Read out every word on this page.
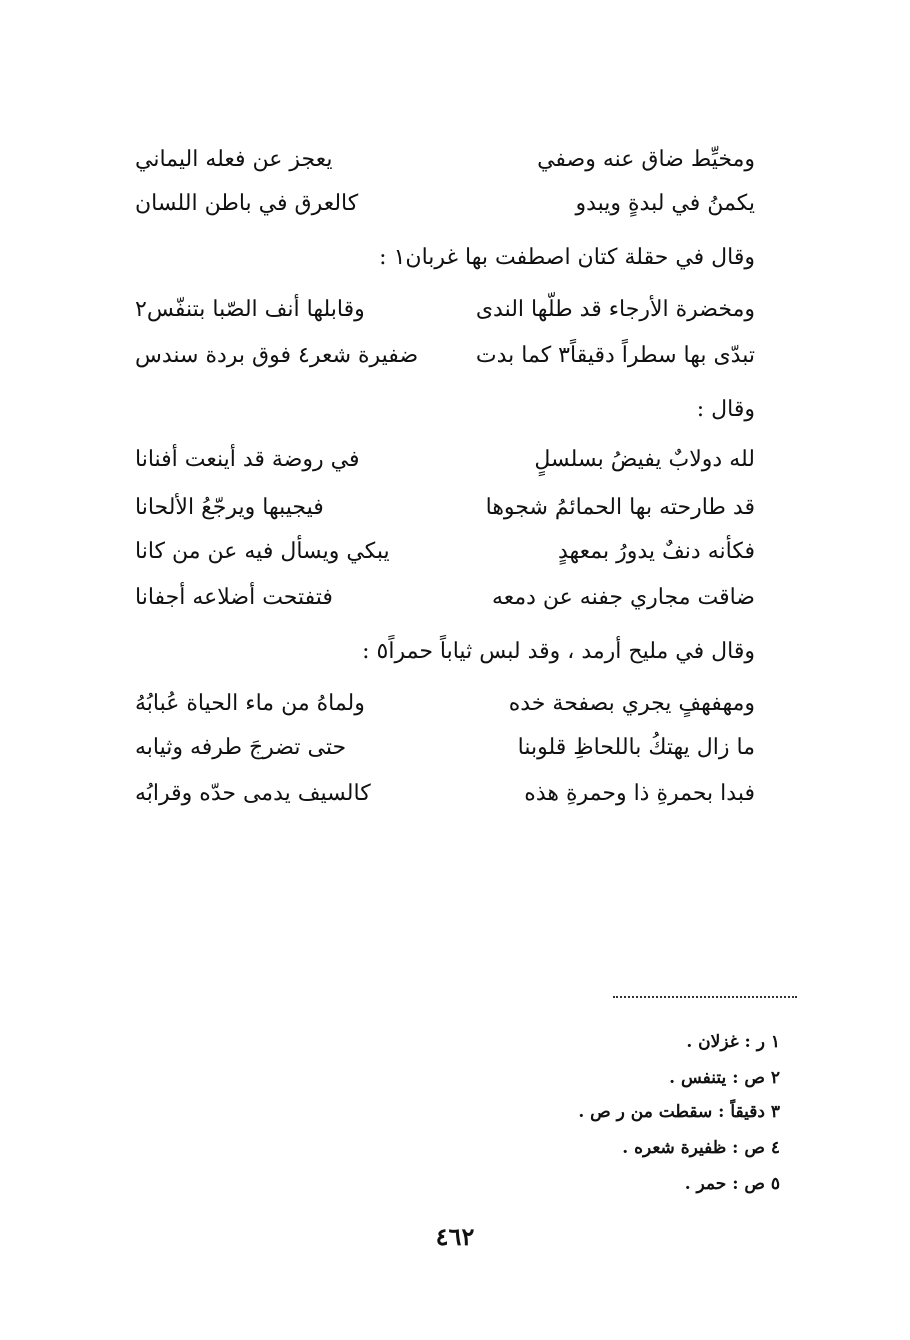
ومخيِّط ضاق عنه وصفي
يعجز عن فعله اليماني
يكمنُ في لبدةٍ ويبدو
كالعرق في باطن اللسان
وقال في حقلة كتان اصطفت بها غربان١ :
ومخضرة الأرجاء قد طلّها الندى
وقابلها أنف الصّبا بتنفّس٢
تبدّى بها سطراً دقيقاً٣ كما بدت
ضفيرة شعر٤ فوق بردة سندس
وقال :
لله دولابٌ يفيضُ بسلسلٍ
في روضة قد أينعت أفنانا
قد طارحته بها الحمائمُ شجوها
فيجيبها ويرجّعُ الألحانا
فكأنه دنفٌ يدورُ بمعهدٍ
يبكي ويسأل فيه عن من كانا
ضاقت مجاري جفنه عن دمعه
فتفتحت أضلاعه أجفانا
وقال في مليح أرمد ، وقد لبس ثياباً حمراً٥ :
ومهفهفٍ يجري بصفحة خده
ولماهُ من ماء الحياة عُبابُهُ
ما زال يهتكُ باللحاظِ قلوبنا
حتى تضرجَ طرفه وثيابه
فبدا بحمرةِ ذا وحمرةِ هذه
كالسيف يدمى حدّه وقرابُه
١ ر : غزلان .
٢ ص : يتنفس .
٣ دقيقاً : سقطت من ر ص .
٤ ص : ظفيرة شعره .
٥ ص : حمر .
٤٦٢
